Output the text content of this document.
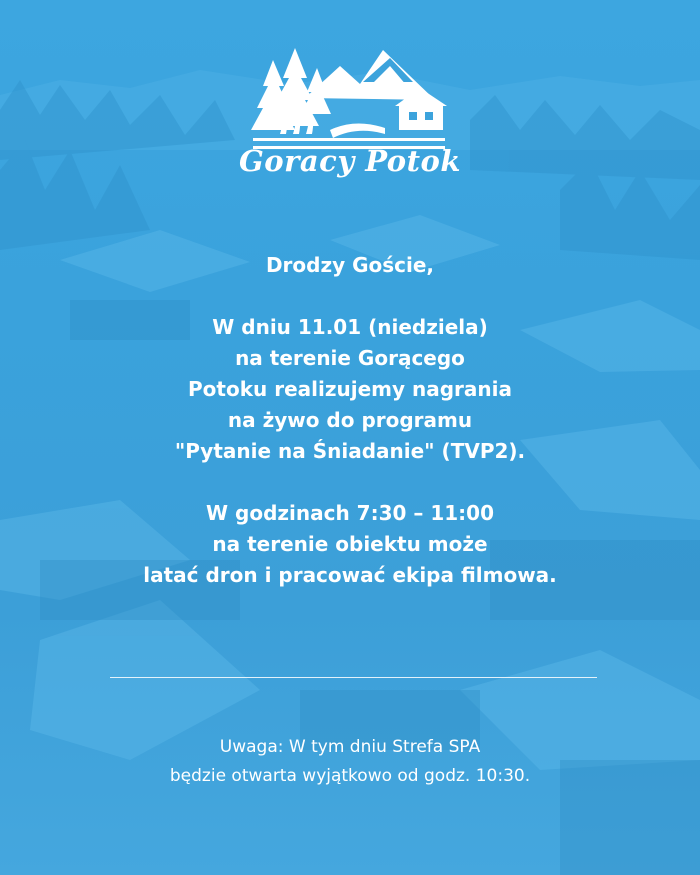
Goracy Potok
Drodzy Goście,
W dniu 11.01 (niedziela)
na terenie Gorącego
Potoku realizujemy nagrania
na żywo do programu
"Pytanie na Śniadanie" (TVP2).
W godzinach 7:30 – 11:00
na terenie obiektu może
latać dron i pracować ekipa filmowa.
Uwaga: W tym dniu Strefa SPA
będzie otwarta wyjątkowo od godz. 10:30.
